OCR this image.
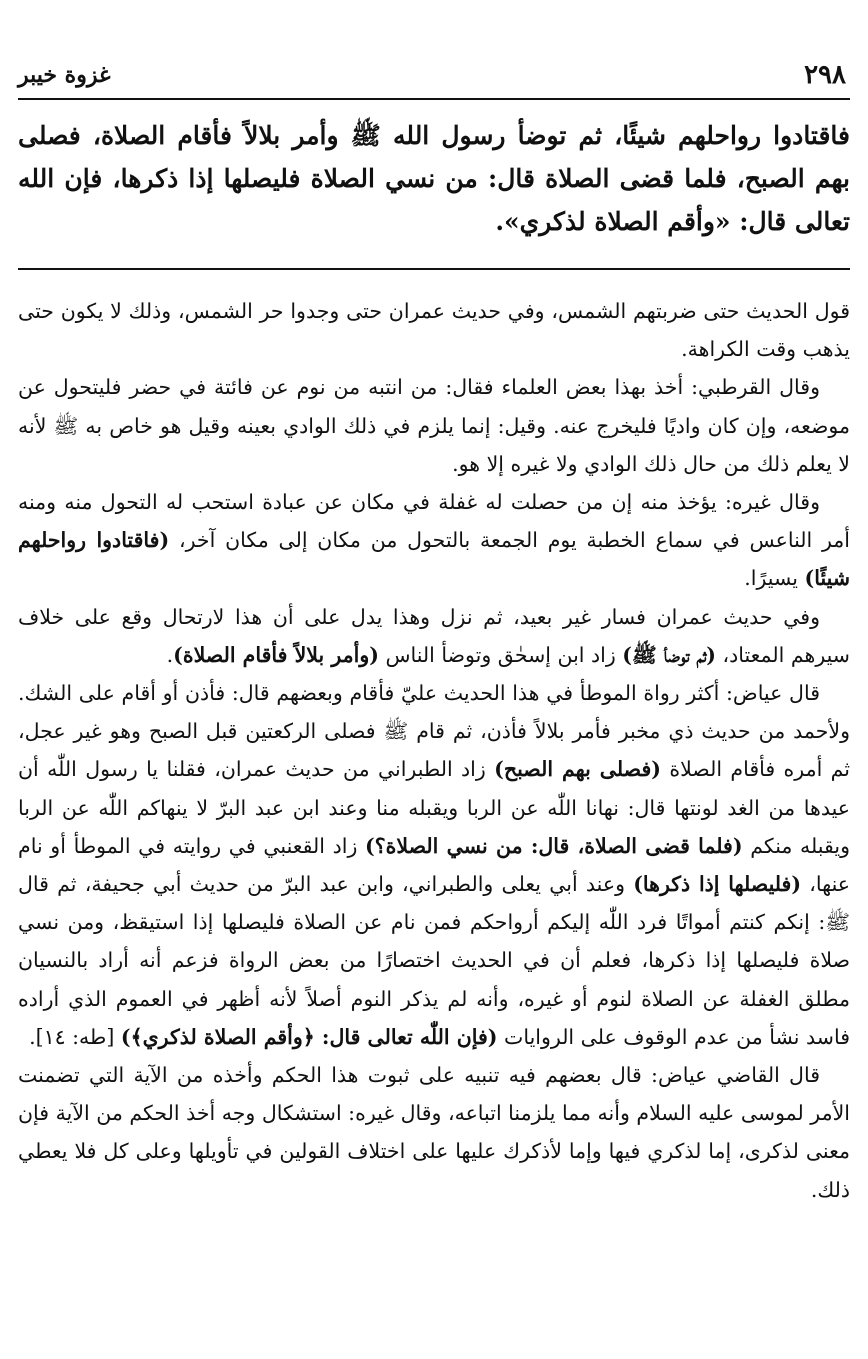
٢٩٨
غزوة خيبر

فاقتادوا رواحلهم شيئًا، ثم توضأ رسول الله ﷺ وأمر بلالاً فأقام الصلاة، فصلى بهم الصبح، فلما قضى الصلاة قال: من نسي الصلاة فليصلها إذا ذكرها، فإن الله تعالى قال: «وأقم الصلاة لذكري».

قول الحديث حتى ضربتهم الشمس، وفي حديث عمران حتى وجدوا حر الشمس، وذلك لا يكون حتى يذهب وقت الكراهة.

وقال القرطبي: أخذ بهذا بعض العلماء فقال: من انتبه من نوم عن فائتة في حضر فليتحول عن موضعه، وإن كان واديًا فليخرج عنه. وقيل: إنما يلزم في ذلك الوادي بعينه وقيل هو خاص به ﷺ لأنه لا يعلم ذلك من حال ذلك الوادي ولا غيره إلا هو.

وقال غيره: يؤخذ منه إن من حصلت له غفلة في مكان عن عبادة استحب له التحول منه ومنه أمر الناعس في سماع الخطبة يوم الجمعة بالتحول من مكان إلى مكان آخر، (فاقتادوا رواحلهم شيئًا) يسيرًا.

وفي حديث عمران فسار غير بعيد، ثم نزل وهذا يدل على أن هذا لارتحال وقع على خلاف سيرهم المعتاد، (ثم توضأ ﷺ) زاد ابن إسحٰق وتوضأ الناس (وأمر بلالاً فأقام الصلاة).

قال عياض: أكثر رواة الموطأ في هذا الحديث عليّ فأقام وبعضهم قال: فأذن أو أقام على الشك. ولأحمد من حديث ذي مخبر فأمر بلالاً فأذن، ثم قام ﷺ فصلى الركعتين قبل الصبح وهو غير عجل، ثم أمره فأقام الصلاة (فصلى بهم الصبح) زاد الطبراني من حديث عمران، فقلنا يا رسول اللّٰه أن عيدها من الغد لونتها قال: نهانا اللّٰه عن الربا ويقبله منا وعند ابن عبد البرّ لا ينهاكم اللّٰه عن الربا ويقبله منكم (فلما قضى الصلاة، قال: من نسي الصلاة؟) زاد القعنبي في روايته في الموطأ أو نام عنها، (فليصلها إذا ذكرها) وعند أبي يعلى والطبراني، وابن عبد البرّ من حديث أبي جحيفة، ثم قال ﷺ: إنكم كنتم أمواتًا فرد اللّٰه إليكم أرواحكم فمن نام عن الصلاة فليصلها إذا استيقظ، ومن نسي صلاة فليصلها إذا ذكرها، فعلم أن في الحديث اختصارًا من بعض الرواة فزعم أنه أراد بالنسيان مطلق الغفلة عن الصلاة لنوم أو غيره، وأنه لم يذكر النوم أصلاً لأنه أظهر في العموم الذي أراده فاسد نشأ من عدم الوقوف على الروايات (فإن اللّٰه تعالى قال: ﴿وأقم الصلاة لذكري﴾) [طه: ١٤].

قال القاضي عياض: قال بعضهم فيه تنبيه على ثبوت هذا الحكم وأخذه من الآية التي تضمنت الأمر لموسى عليه السلام وأنه مما يلزمنا اتباعه، وقال غيره: استشكال وجه أخذ الحكم من الآية فإن معنى لذكرى، إما لذكري فيها وإما لأذكرك عليها على اختلاف القولين في تأويلها وعلى كل فلا يعطي ذلك.
